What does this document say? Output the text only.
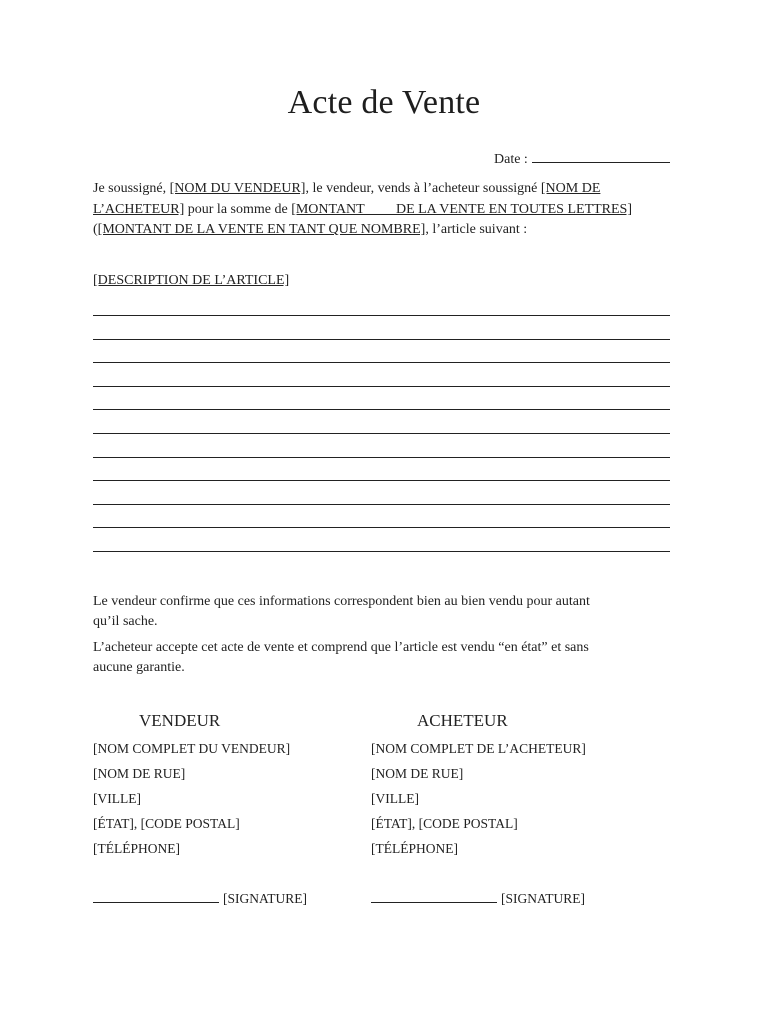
Acte de Vente
Date :
Je soussigné, [NOM DU VENDEUR], le vendeur, vends à l’acheteur soussigné [NOM DE
L’ACHETEUR] pour la somme de [MONTANT         DE LA VENTE EN TOUTES LETTRES]
([MONTANT DE LA VENTE EN TANT QUE NOMBRE], l’article suivant :
[DESCRIPTION DE L’ARTICLE]
Le vendeur confirme que ces informations correspondent bien au bien vendu pour autant
qu’il sache.
L’acheteur accepte cet acte de vente et comprend que l’article est vendu “en état” et sans
aucune garantie.
VENDEUR
[NOM COMPLET DU VENDEUR]
[NOM DE RUE]
[VILLE]
[ÉTAT], [CODE POSTAL]
[TÉLÉPHONE]
[SIGNATURE]
ACHETEUR
[NOM COMPLET DE L’ACHETEUR]
[NOM DE RUE]
[VILLE]
[ÉTAT], [CODE POSTAL]
[TÉLÉPHONE]
[SIGNATURE]
